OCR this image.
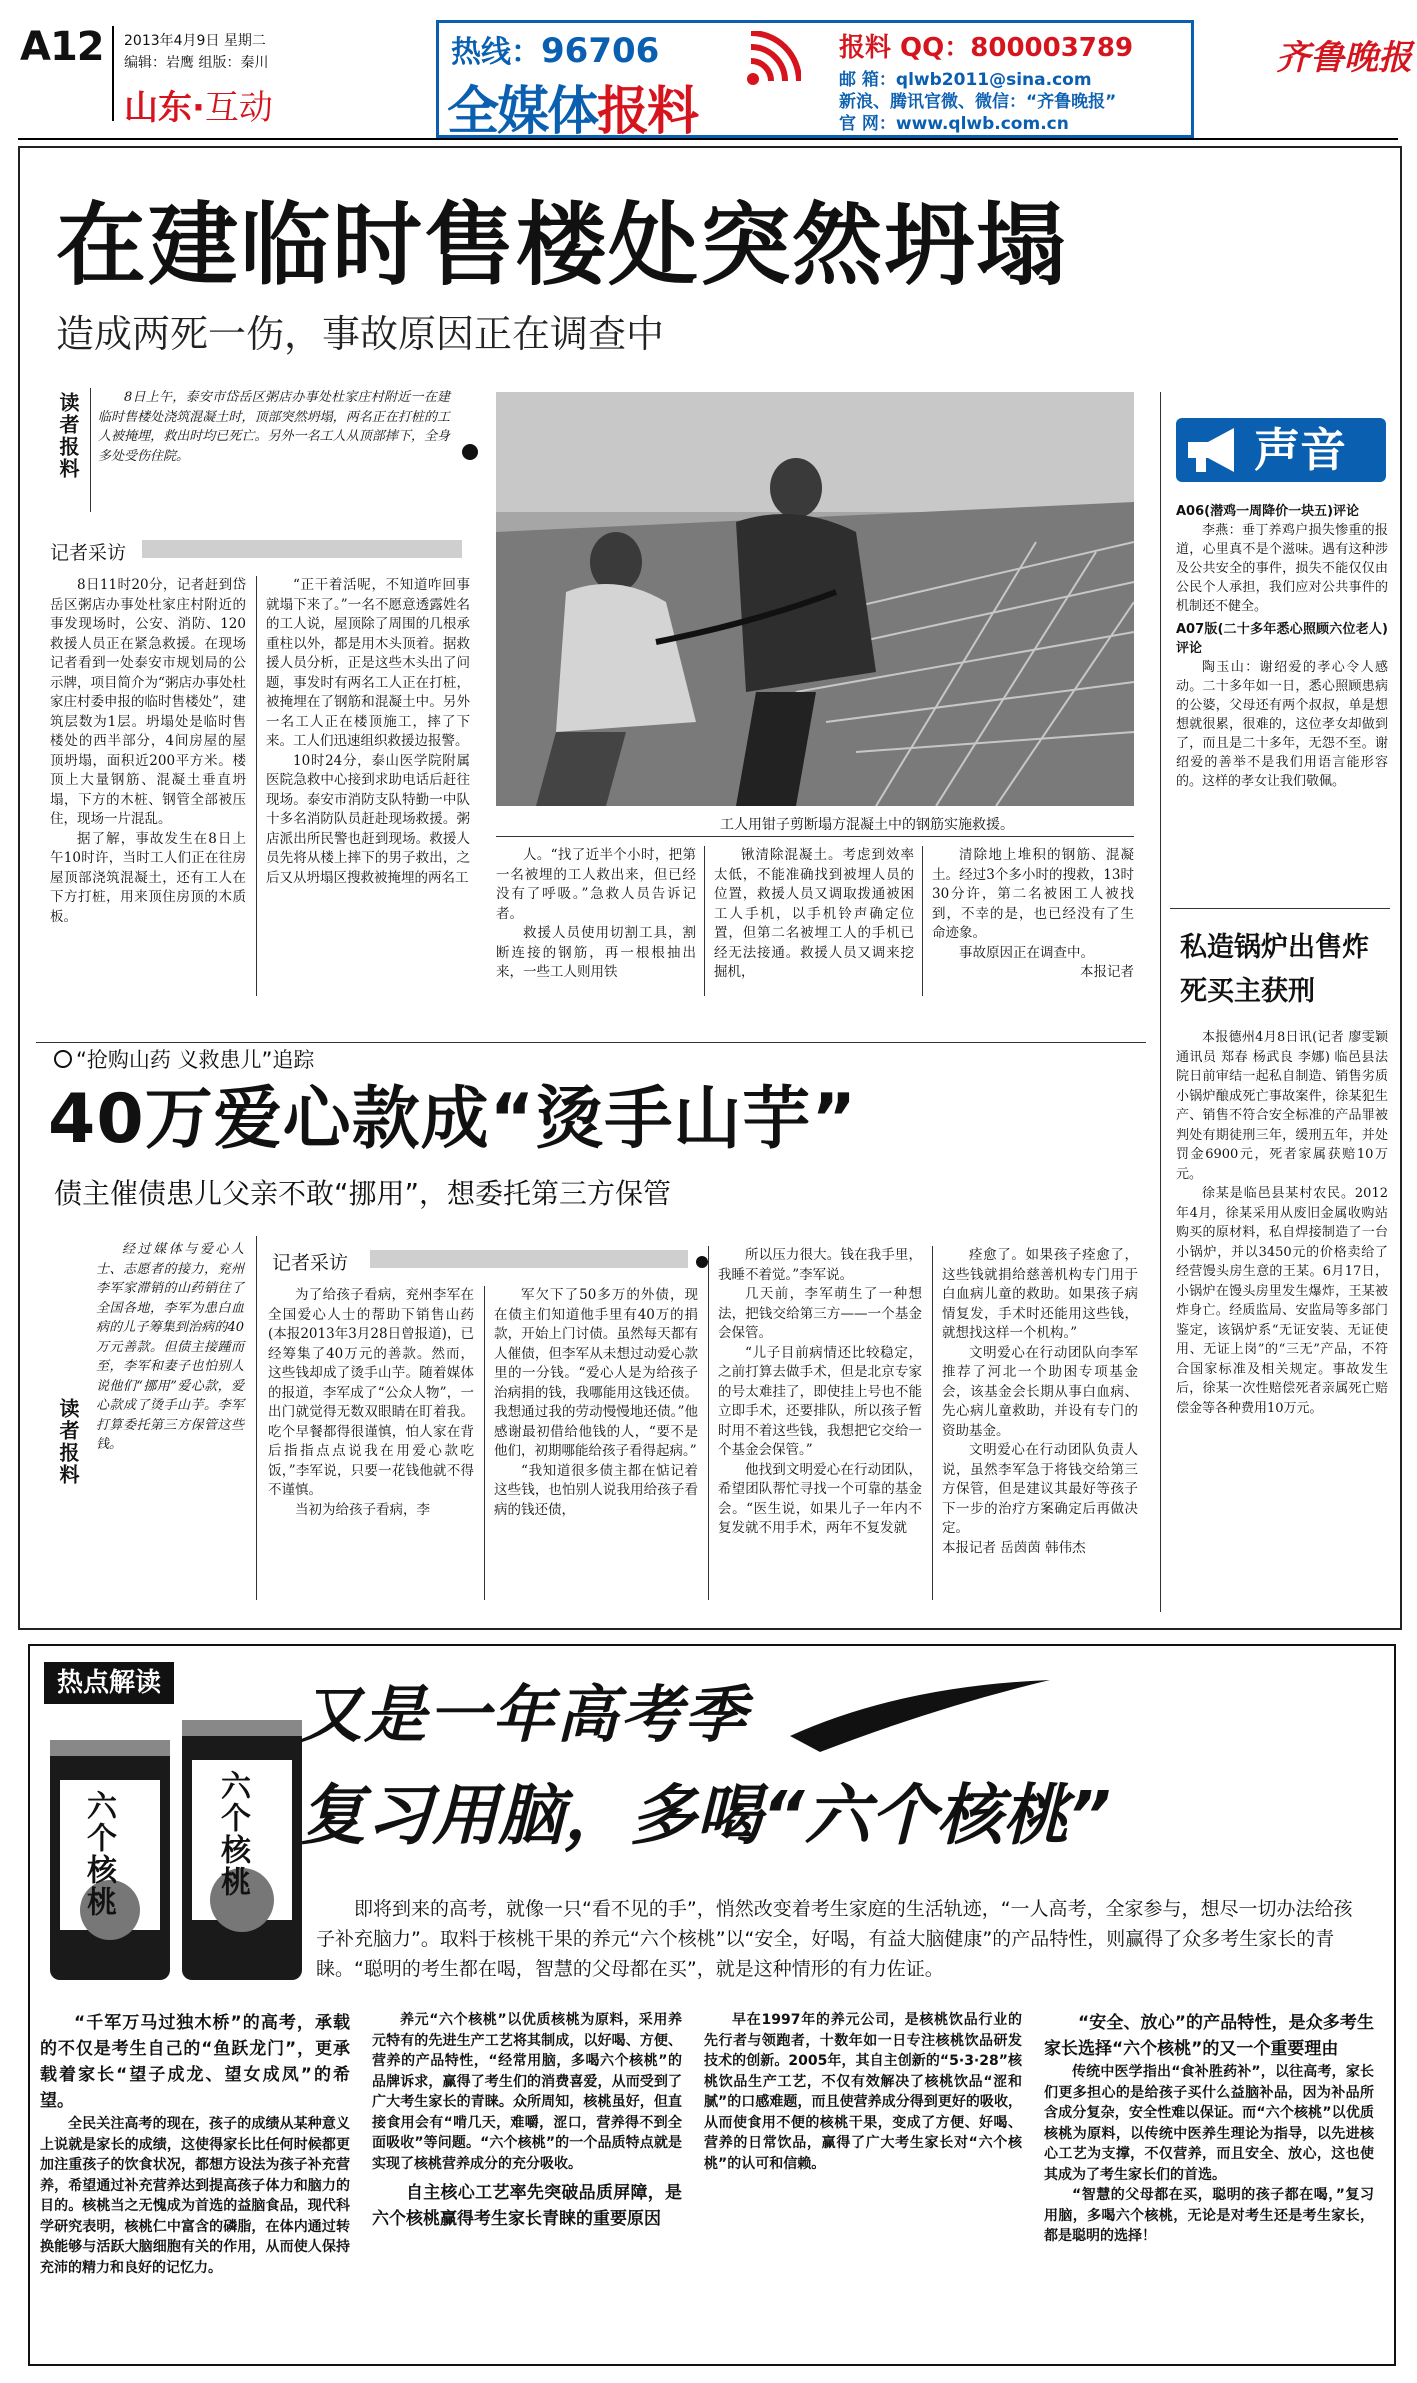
A12 2013年4月9日 星期二
编辑：岩鹰 组版：秦川
山东·互动
热线：96706
全媒体报料
报料 QQ：800003789
邮 箱：qlwb2011@sina.com
新浪、腾讯官微、微信：“齐鲁晚报”
官 网：www.qlwb.com.cn
齐鲁晚报
在建临时售楼处突然坍塌
造成两死一伤，事故原因正在调查中
读者报料	8日上午，泰安市岱岳区粥店办事处杜家庄村附近一在建临时售楼处浇筑混凝土时，顶部突然坍塌，两名正在打桩的工人被掩埋，救出时均已死亡。另外一名工人从顶部摔下，全身多处受伤住院。

记者采访

8日11时20分，记者赶到岱岳区粥店办事处杜家庄村附近的事发现场时，公安、消防、120救援人员正在紧急救援。在现场记者看到一处泰安市规划局的公示牌，项目简介为“粥店办事处杜家庄村委申报的临时售楼处”，建筑层数为1层。坍塌处是临时售楼处的西半部分，4间房屋的屋顶坍塌，面积近200平方米。楼顶上大量钢筋、混凝土垂直坍塌，下方的木桩、钢管全部被压住，现场一片混乱。

据了解，事故发生在8日上午10时许，当时工人们正在往房屋顶部浇筑混凝土，还有工人在下方打桩，用来顶住房顶的木质板。

“正干着活呢，不知道咋回事就塌下来了。”一名不愿意透露姓名的工人说，屋顶除了周围的几根承重柱以外，都是用木头顶着。据救援人员分析，正是这些木头出了问题，事发时有两名工人正在打桩，被掩埋在了钢筋和混凝土中。另外一名工人正在楼顶施工，摔了下来。工人们迅速组织救援边报警。

10时24分，泰山医学院附属医院急救中心接到求助电话后赶往现场。泰安市消防支队特勤一中队十多名消防队员赶赴现场救援。粥店派出所民警也赶到现场。救援人员先将从楼上摔下的男子救出，之后又从坍塌区搜救被掩埋的两名工

工人用钳子剪断塌方混凝土中的钢筋实施救援。

人。“找了近半个小时，把第一名被埋的工人救出来，但已经没有了呼吸。”急救人员告诉记者。

救援人员使用切割工具，割断连接的钢筋，再一根根抽出来，一些工人则用铁

锹清除混凝土。考虑到效率太低，不能准确找到被埋人员的位置，救援人员又调取拨通被困工人手机，以手机铃声确定位置，但第二名被埋工人的手机已经无法接通。救援人员又调来挖掘机，

清除地上堆积的钢筋、混凝土。经过3个多小时的搜救，13时30分许，第二名被困工人被找到，不幸的是，也已经没有了生命迹象。

事故原因正在调查中。

本报记者

声音

A06(潜鸡一周降价一块五)评论

李燕：垂丁养鸡户损失惨重的报道，心里真不是个滋味。遇有这种涉及公共安全的事件，损失不能仅仅由公民个人承担，我们应对公共事件的机制还不健全。

A07版(二十多年悉心照顾六位老人)评论

陶玉山：谢绍爱的孝心令人感动。二十多年如一日，悉心照顾患病的公婆，父母还有两个叔叔，单是想想就很累，很难的，这位孝女却做到了，而且是二十多年，无怨不至。谢绍爱的善举不是我们用语言能形容的。这样的孝女让我们敬佩。

私造锅炉出售炸死买主获刑

本报德州4月8日讯(记者 廖雯颖 通讯员 郑春 杨武良 李娜) 临邑县法院日前审结一起私自制造、销售劣质小锅炉酿成死亡事故案件，徐某犯生产、销售不符合安全标准的产品罪被判处有期徒刑三年，缓刑五年，并处罚金6900元，死者家属获赔10万元。

徐某是临邑县某村农民。2012年4月，徐某采用从废旧金属收购站购买的原材料，私自焊接制造了一台小锅炉，并以3450元的价格卖给了经营馒头房生意的王某。6月17日，小锅炉在馒头房里发生爆炸，王某被炸身亡。经质监局、安监局等多部门鉴定，该锅炉系“无证安装、无证使用、无证上岗”的“三无”产品，不符合国家标准及相关规定。事故发生后，徐某一次性赔偿死者亲属死亡赔偿金等各种费用10万元。

“抢购山药 义救患儿”追踪
40万爱心款成“烫手山芋”
债主催债患儿父亲不敢“挪用”，想委托第三方保管

经过媒体与爱心人士、志愿者的接力，兖州李军家滞销的山药销往了全国各地，李军为患白血病的儿子筹集到治病的40万元善款。但债主接踵而至，李军和妻子也怕别人说他们“挪用”爱心款，爱心款成了烫手山芋。李军打算委托第三方保管这些钱。

读者报料
记者采访

为了给孩子看病，兖州李军在全国爱心人士的帮助下销售山药(本报2013年3月28日曾报道)，已经筹集了40万元的善款。然而，这些钱却成了烫手山芋。随着媒体的报道，李军成了“公众人物”，一出门就觉得无数双眼睛在盯着我。吃个早餐都得很谨慎，怕人家在背后指指点点说我在用爱心款吃饭，”李军说，只要一花钱他就不得不谨慎。

当初为给孩子看病，李

军欠下了50多万的外债，现在债主们知道他手里有40万的捐款，开始上门讨债。虽然每天都有人催债，但李军从未想过动爱心款里的一分钱。“爱心人是为给孩子治病捐的钱，我哪能用这钱还债。我想通过我的劳动慢慢地还债。”他感谢最初借给他钱的人，“要不是他们，初期哪能给孩子看得起病。”

“我知道很多债主都在惦记着这些钱，也怕别人说我用给孩子看病的钱还债，

所以压力很大。钱在我手里，我睡不着觉。”李军说。

几天前，李军萌生了一种想法，把钱交给第三方——一个基金会保管。

“儿子目前病情还比较稳定，之前打算去做手术，但是北京专家的号太难挂了，即使挂上号也不能立即手术，还要排队，所以孩子暂时用不着这些钱，我想把它交给一个基金会保管。”

他找到文明爱心在行动团队，希望团队帮忙寻找一个可靠的基金会。“医生说，如果儿子一年内不复发就不用手术，两年不复发就

痊愈了。如果孩子痊愈了，这些钱就捐给慈善机构专门用于白血病儿童的救助。如果孩子病情复发，手术时还能用这些钱，就想找这样一个机构。”

文明爱心在行动团队向李军推荐了河北一个助困专项基金会，该基金会长期从事白血病、先心病儿童救助，并设有专门的资助基金。

文明爱心在行动团队负责人说，虽然李军急于将钱交给第三方保管，但是建议其最好等孩子下一步的治疗方案确定后再做决定。

本报记者 岳茵茵 韩伟杰

热点解读
六个核桃	六个核桃
又是一年高考季
复习用脑，多喝“六个核桃”

即将到来的高考，就像一只“看不见的手”，悄然改变着考生家庭的生活轨迹，“一人高考，全家参与，想尽一切办法给孩子补充脑力”。取料于核桃干果的养元“六个核桃”以“安全，好喝，有益大脑健康”的产品特性，则赢得了众多考生家长的青睐。“聪明的考生都在喝，智慧的父母都在买”，就是这种情形的有力佐证。

“千军万马过独木桥”的高考，承载的不仅是考生自己的“鱼跃龙门”，更承载着家长“望子成龙、望女成凤”的希望。

全民关注高考的现在，孩子的成绩从某种意义上说就是家长的成绩，这使得家长比任何时候都更加注重孩子的饮食状况，都想方设法为孩子补充营养，希望通过补充营养达到提高孩子体力和脑力的目的。核桃当之无愧成为首选的益脑食品，现代科学研究表明，核桃仁中富含的磷脂，在体内通过转换能够与活跃大脑细胞有关的作用，从而使人保持充沛的精力和良好的记忆力。

养元“六个核桃”以优质核桃为原料，采用养元特有的先进生产工艺将其制成，以好喝、方便、营养的产品特性，“经常用脑，多喝六个核桃”的品牌诉求，赢得了考生们的消费喜爱，从而受到了广大考生家长的青睐。众所周知，核桃虽好，但直接食用会有“啃几天，难嚼，涩口，营养得不到全面吸收”等问题。“六个核桃”的一个品质特点就是实现了核桃营养成分的充分吸收。

自主核心工艺率先突破品质屏障，是六个核桃赢得考生家长青睐的重要原因

早在1997年的养元公司，是核桃饮品行业的先行者与领跑者，十数年如一日专注核桃饮品研发技术的创新。2005年，其自主创新的“5·3·28”核桃饮品生产工艺，不仅有效解决了核桃饮品“涩和腻”的口感难题，而且使营养成分得到更好的吸收，从而使食用不便的核桃干果，变成了方便、好喝、营养的日常饮品，赢得了广大考生家长对“六个核桃”的认可和信赖。

“安全、放心”的产品特性，是众多考生家长选择“六个核桃”的又一个重要理由

传统中医学指出“食补胜药补”，以往高考，家长们更多担心的是给孩子买什么益脑补品，因为补品所含成分复杂，安全性难以保证。而“六个核桃”以优质核桃为原料，以传统中医养生理论为指导，以先进核心工艺为支撑，不仅营养，而且安全、放心，这也使其成为了考生家长们的首选。

“智慧的父母都在买，聪明的孩子都在喝，”复习用脑，多喝六个核桃，无论是对考生还是考生家长，都是聪明的选择！
